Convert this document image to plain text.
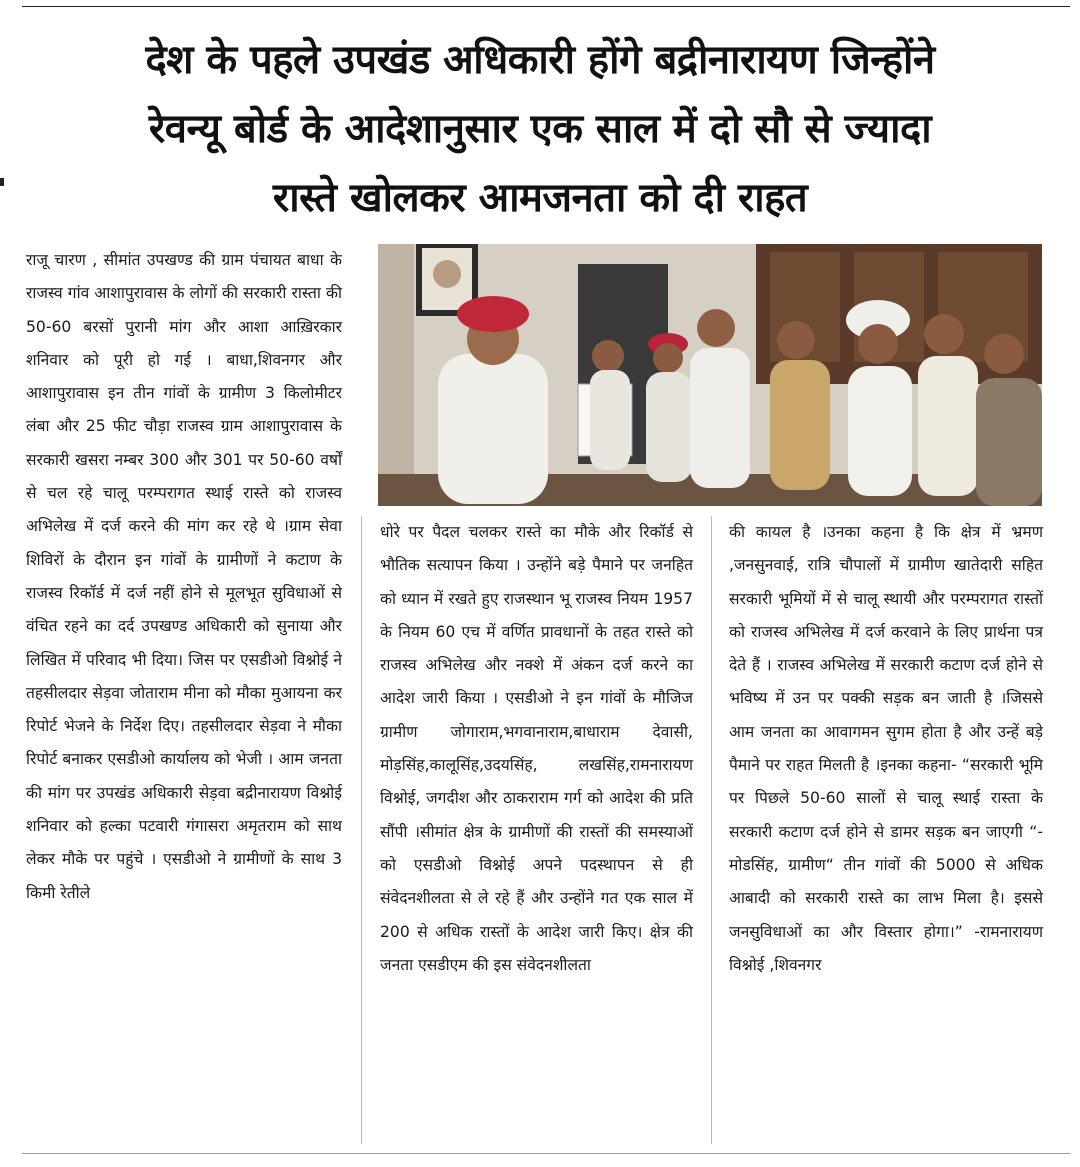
देश के पहले उपखंड अधिकारी होंगे बद्रीनारायण जिन्होंने
रेवन्यू बोर्ड के आदेशानुसार एक साल में दो सौ से ज्यादा
रास्ते खोलकर आमजनता को दी राहत

राजू चारण , सीमांत उपखण्ड की ग्राम पंचायत बाधा के राजस्व गांव आशापुरावास के लोगों की सरकारी रास्ता की 50-60 बरसों पुरानी मांग और आशा आख़िरकार शनिवार को पूरी हो गई । बाधा,शिवनगर और आशापुरावास इन तीन गांवों के ग्रामीण 3 किलोमीटर लंबा और 25 फीट चौड़ा राजस्व ग्राम आशापुरावास के सरकारी खसरा नम्बर 300 और 301 पर 50-60 वर्षों से चल रहे चालू परम्परागत स्थाई रास्ते को राजस्व अभिलेख में दर्ज करने की मांग कर रहे थे ।ग्राम सेवा शिविरों के दौरान इन गांवों के ग्रामीणों ने कटाण के राजस्व रिकॉर्ड में दर्ज नहीं होने से मूलभूत सुविधाओं से वंचित रहने का दर्द उपखण्ड अधिकारी को सुनाया और लिखित में परिवाद भी दिया। जिस पर एसडीओ विश्नोई ने तहसीलदार सेड़वा जोताराम मीना को मौका मुआयना कर रिपोर्ट भेजने के निर्देश दिए। तहसीलदार सेड़वा ने मौका रिपोर्ट बनाकर एसडीओ कार्यालय को भेजी । आम जनता की मांग पर उपखंड अधिकारी सेड़वा बद्रीनारायण विश्नोई शनिवार को हल्का पटवारी गंगासरा अमृतराम को साथ लेकर मौके पर पहुंचे । एसडीओ ने ग्रामीणों के साथ 3 किमी रेतीले

धोरे पर पैदल चलकर रास्ते का मौके और रिकॉर्ड से भौतिक सत्यापन किया । उन्होंने बड़े पैमाने पर जनहित को ध्यान में रखते हुए राजस्थान भू राजस्व नियम 1957 के नियम 60 एच में वर्णित प्रावधानों के तहत रास्ते को राजस्व अभिलेख और नक्शे में अंकन दर्ज करने का आदेश जारी किया । एसडीओ ने इन गांवों के मौजिज ग्रामीण जोगाराम,भगवानाराम,बाधाराम देवासी, मोड़सिंह,कालूसिंह,उदयसिंह, लखसिंह,रामनारायण विश्नोई, जगदीश और ठाकराराम गर्ग को आदेश की प्रति सौंपी ।सीमांत क्षेत्र के ग्रामीणों की रास्तों की समस्याओं को एसडीओ विश्नोई अपने पदस्थापन से ही संवेदनशीलता से ले रहे हैं और उन्होंने गत एक साल में 200 से अधिक रास्तों के आदेश जारी किए। क्षेत्र की जनता एसडीएम की इस संवेदनशीलता

की कायल है ।उनका कहना है कि क्षेत्र में भ्रमण ,जनसुनवाई, रात्रि चौपालों में ग्रामीण खातेदारी सहित सरकारी भूमियों में से चालू स्थायी और परम्परागत रास्तों को राजस्व अभिलेख में दर्ज करवाने के लिए प्रार्थना पत्र देते हैं । राजस्व अभिलेख में सरकारी कटाण दर्ज होने से भविष्य में उन पर पक्की सड़क बन जाती है ।जिससे आम जनता का आवागमन सुगम होता है और उन्हें बड़े पैमाने पर राहत मिलती है ।इनका कहना- “सरकारी भूमि पर पिछले 50-60 सालों से चालू स्थाई रास्ता के सरकारी कटाण दर्ज होने से डामर सड़क बन जाएगी “- मोडसिंह, ग्रामीण“ तीन गांवों की 5000 से अधिक आबादी को सरकारी रास्ते का लाभ मिला है। इससे जनसुविधाओं का और विस्तार होगा।” -रामनारायण विश्नोई ,शिवनगर
